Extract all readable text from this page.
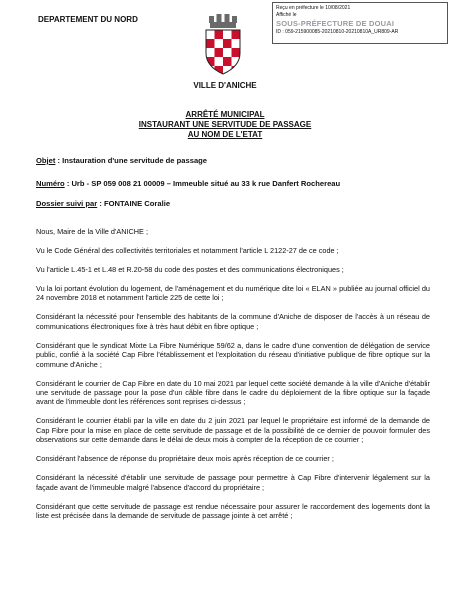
Reçu en préfecture le 10/08/2021
Affiché le
SOUS-PRÉFECTURE DE DOUAI
ID : 059-215900085-20210810-20210810A_UR809-AR
DEPARTEMENT DU NORD
VILLE D'ANICHE
ARRÊTÉ MUNICIPAL
INSTAURANT UNE SERVITUDE DE PASSAGE
AU NOM DE L'ETAT
Objet : Instauration d'une servitude de passage
Numéro : Urb - SP 059 008 21 00009 – Immeuble situé au 33 k rue Danfert Rochereau
Dossier suivi par : FONTAINE Coralie

Nous, Maire de la Ville d'ANICHE ;

Vu le Code Général des collectivités territoriales et notamment l'article L 2122-27 de ce code ;

Vu l'article L.45-1 et L.48 et R.20-58 du code des postes et des communications électroniques ;

Vu la loi portant évolution du logement, de l'aménagement et du numérique dite loi « ELAN » publiée au journal officiel du 24 novembre 2018 et notamment l'article 225 de cette loi ;

Considérant la nécessité pour l'ensemble des habitants de la commune d'Aniche de disposer de l'accès à un réseau de communications électroniques fixe à très haut débit en fibre optique ;

Considérant que le syndicat Mixte La Fibre Numérique 59/62 a, dans le cadre d'une convention de délégation de service public, confié à la société Cap Fibre l'établissement et l'exploitation du réseau d'initiative publique de fibre optique sur la commune d'Aniche ;

Considérant le courrier de Cap Fibre en date du 10 mai 2021 par lequel cette société demande à la ville d'Aniche d'établir une servitude de passage pour la pose d'un câble fibre dans le cadre du déploiement de la fibre optique sur la façade avant de l'immeuble dont les références sont reprises ci-dessus ;

Considérant le courrier établi par la ville en date du 2 juin 2021 par lequel le propriétaire est informé de la demande de Cap Fibre pour la mise en place de cette servitude de passage et de la possibilité de ce dernier de pouvoir formuler des observations sur cette demande dans le délai de deux mois à compter de la réception de ce courrier ;

Considérant l'absence de réponse du propriétaire deux mois après réception de ce courrier ;

Considérant la nécessité d'établir une servitude de passage pour permettre à Cap Fibre d'intervenir légalement sur la façade avant de l'immeuble malgré l'absence d'accord du propriétaire ;

Considérant que cette servitude de passage est rendue nécessaire pour assurer le raccordement des logements dont la liste est précisée dans la demande de servitude de passage jointe à cet arrêté ;
